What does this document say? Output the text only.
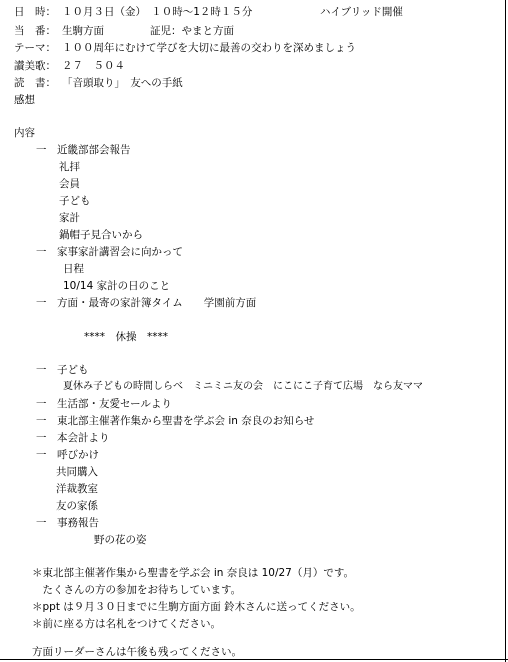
日　時： １０月３日（金）　１０時～1２時１５分	ハイブリッド開催
当　番： 生駒方面	証児：やまと方面
テーマ： １００周年にむけて学びを大切に最善の交わりを深めましょう
讃美歌： ２７　５０４
読　書： 「音頭取り」　友への手紙
感想
内容
一　近畿部部会報告
礼拝
会員
子ども
家計
鍋帽子見合いから
一　家事家計講習会に向かって
日程
10/14 家計の日のこと
一　方面・最寄の家計簿タイム　　学園前方面
****　休操　****
一　子ども
夏休み子どもの時間しらべ　ミニミニ友の会　にこにこ子育て広場　なら友ママ
一　生活部・友愛セールより
一　東北部主催著作集から聖書を学ぶ会 in 奈良のお知らせ
一　本会計より
一　呼びかけ
共同購入
洋裁教室
友の家係
一　事務報告
野の花の姿
＊東北部主催著作集から聖書を学ぶ会 in 奈良は 10/27（月）です。
　たくさんの方の参加をお待ちしています。
＊ppt は９月３０日までに生駒方面方面 鈴木さんに送ってください。
＊前に座る方は名札をつけてください。
方面リーダーさんは午後も残ってください。
